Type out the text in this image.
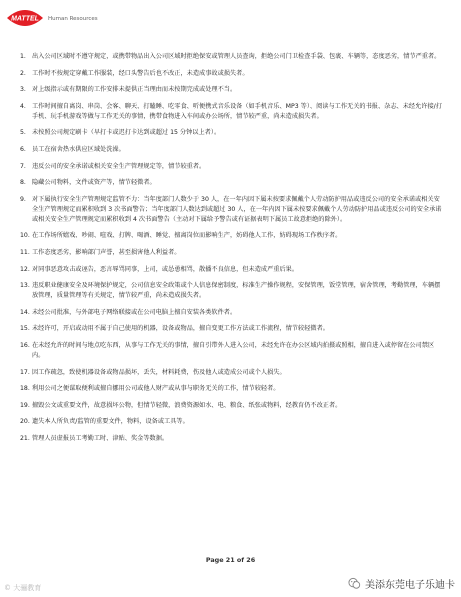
MATTEL Human Resources
1. 出入公司区域时不遵守规定，或携带物品出入公司区域时拒绝保安或管理人员查询，拒绝公司门卫检查手袋、包裹、车辆等，态度恶劣，情节严重者。
2. 工作时不按规定穿戴工作服装，经口头警告后也不改正，未造成事故或损失者。
3. 对上级指示或有期限的工作安排未提供正当理由而未按期完成或处理不当。
4. 工作时间擅自离岗、串岗、会客、聊天、打瞌睡、吃零食、听便携式音乐设备（如手机音乐、MP3 等）、阅读与工作无关的书报、杂志、未经允许接/打手机、玩手机游戏等做与工作无关的事情，携带食物进入车间或办公场所，情节较严重，尚未造成损失者。
5. 未按照公司规定刷卡（早打卡或迟打卡达到或超过 15 分钟以上者）。
6. 员工在宿舍热水供应区域处洗澡。
7. 违反公司的安全承诺或相关安全生产管理规定等，情节较重者。
8. 隐藏公司物料，文件或资产等，情节轻微者。
9. 对下属执行安全生产管理规定监管不力：当年度部门人数少于 30 人，在一年内因下属未按要求佩戴个人劳动防护用品或违反公司的安全承诺或相关安全生产管理规定而累积收到 3 次书面警告；当年度部门人数达到或超过 30 人，在一年内因下属未按要求佩戴个人劳动防护用品或违反公司的安全承诺或相关安全生产管理规定而累积收到 4 次书面警告（主动对下属给予警告或有证据表明下属员工故意拒绝的除外）。
10. 在工作场所嬉戏、吵闹、喧戏、打牌、喝酒、睡觉、擅离岗位而影响生产，妨碍他人工作，妨碍现场工作秩序者。
11. 工作态度恶劣，影响部门声誉，甚至损害他人利益者。
12. 对同事恶意攻击或诬告，恶言辱骂同事，上司，或怂恿相骂，散播不良信息，但未造成严重后果。
13. 违反职业健康安全及环境保护规定，公司信息安全政策或个人信息保密制度，标准生产操作规程，安保管理，饭堂管理，宿舍管理，考勤管理，车辆摆放管理，质量管理等有关规定，情节较严重，尚未造成损失者。
14. 未经公司批准，与外部电子网络联接或在公司电脑上擅自安装各类软件者。
15. 未经许可，开启或动用不属于自己使用的机器，设备或物品，擅自变更工作方法或工作流程，情节较轻微者。
16. 在未经允许的时间与地点吃东西，从事与工作无关的事情，擅自引带外人进入公司，未经允许在办公区域内拍摄或照相，擅自进入或停留在公司禁区内。
17. 因工作疏忽，致使机器设备或物品损坏，丢失，材料耗费，伤及他人或造成公司或个人损失。
18. 利用公司之便谋取便利或擅自挪用公司或他人财产或从事与职务无关的工作，情节较轻者。
19. 擅毁公文或重要文件，故意损坏公物，但情节轻微，浪费资源如水、电、粮食、纸张或物料，经教育仍不改正者。
20. 遗失本人所负责/监管的重要文件，物料，设备或工具等。
21. 管理人员虚报员工考勤工时、津贴、奖金等数据。
Page 21 of 26
© 大骊教育	美添东莞电子乐迪卡
